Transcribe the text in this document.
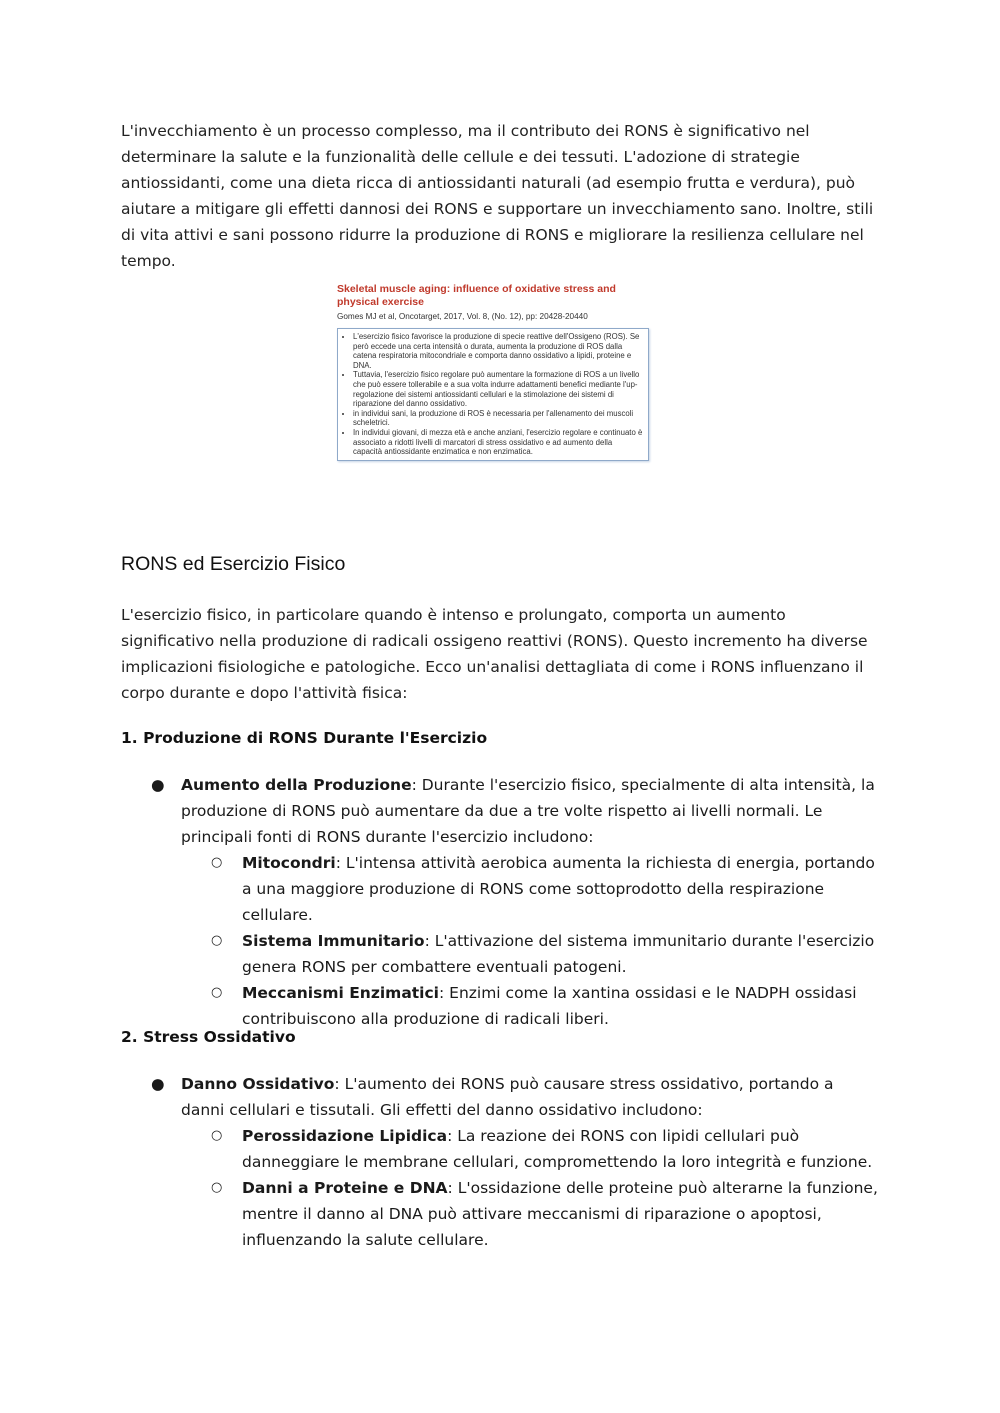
L'invecchiamento è un processo complesso, ma il contributo dei RONS è significativo nel determinare la salute e la funzionalità delle cellule e dei tessuti. L'adozione di strategie antiossidanti, come una dieta ricca di antiossidanti naturali (ad esempio frutta e verdura), può aiutare a mitigare gli effetti dannosi dei RONS e supportare un invecchiamento sano. Inoltre, stili di vita attivi e sani possono ridurre la produzione di RONS e migliorare la resilienza cellulare nel tempo.

Skeletal muscle aging: influence of oxidative stress and physical exercise
Gomes MJ et al, Oncotarget, 2017, Vol. 8, (No. 12), pp: 20428-20440
• L'esercizio fisico favorisce la produzione di specie reattive dell'Ossigeno (ROS). Se però eccede una certa intensità o durata, aumenta la produzione di ROS dalla catena respiratoria mitocondriale e comporta danno ossidativo a lipidi, proteine e DNA.
• Tuttavia, l'esercizio fisico regolare può aumentare la formazione di ROS a un livello che può essere tollerabile e a sua volta indurre adattamenti benefici mediante l'up-regolazione dei sistemi antiossidanti cellulari e la stimolazione dei sistemi di riparazione del danno ossidativo.
• in individui sani, la produzione di ROS è necessaria per l'allenamento dei muscoli scheletrici.
• In individui giovani, di mezza età e anche anziani, l'esercizio regolare e continuato è associato a ridotti livelli di marcatori di stress ossidativo e ad aumento della capacità antiossidante enzimatica e non enzimatica.
RONS ed Esercizio Fisico

L'esercizio fisico, in particolare quando è intenso e prolungato, comporta un aumento significativo nella produzione di radicali ossigeno reattivi (RONS). Questo incremento ha diverse implicazioni fisiologiche e patologiche. Ecco un'analisi dettagliata di come i RONS influenzano il corpo durante e dopo l'attività fisica:

1. Produzione di RONS Durante l'Esercizio
● Aumento della Produzione: Durante l'esercizio fisico, specialmente di alta intensità, la produzione di RONS può aumentare da due a tre volte rispetto ai livelli normali. Le principali fonti di RONS durante l'esercizio includono:
○ Mitocondri: L'intensa attività aerobica aumenta la richiesta di energia, portando a una maggiore produzione di RONS come sottoprodotto della respirazione cellulare.
○ Sistema Immunitario: L'attivazione del sistema immunitario durante l'esercizio genera RONS per combattere eventuali patogeni.
○ Meccanismi Enzimatici: Enzimi come la xantina ossidasi e le NADPH ossidasi contribuiscono alla produzione di radicali liberi.
2. Stress Ossidativo
● Danno Ossidativo: L'aumento dei RONS può causare stress ossidativo, portando a danni cellulari e tissutali. Gli effetti del danno ossidativo includono:
○ Perossidazione Lipidica: La reazione dei RONS con lipidi cellulari può danneggiare le membrane cellulari, compromettendo la loro integrità e funzione.
○ Danni a Proteine e DNA: L'ossidazione delle proteine può alterarne la funzione, mentre il danno al DNA può attivare meccanismi di riparazione o apoptosi, influenzando la salute cellulare.
